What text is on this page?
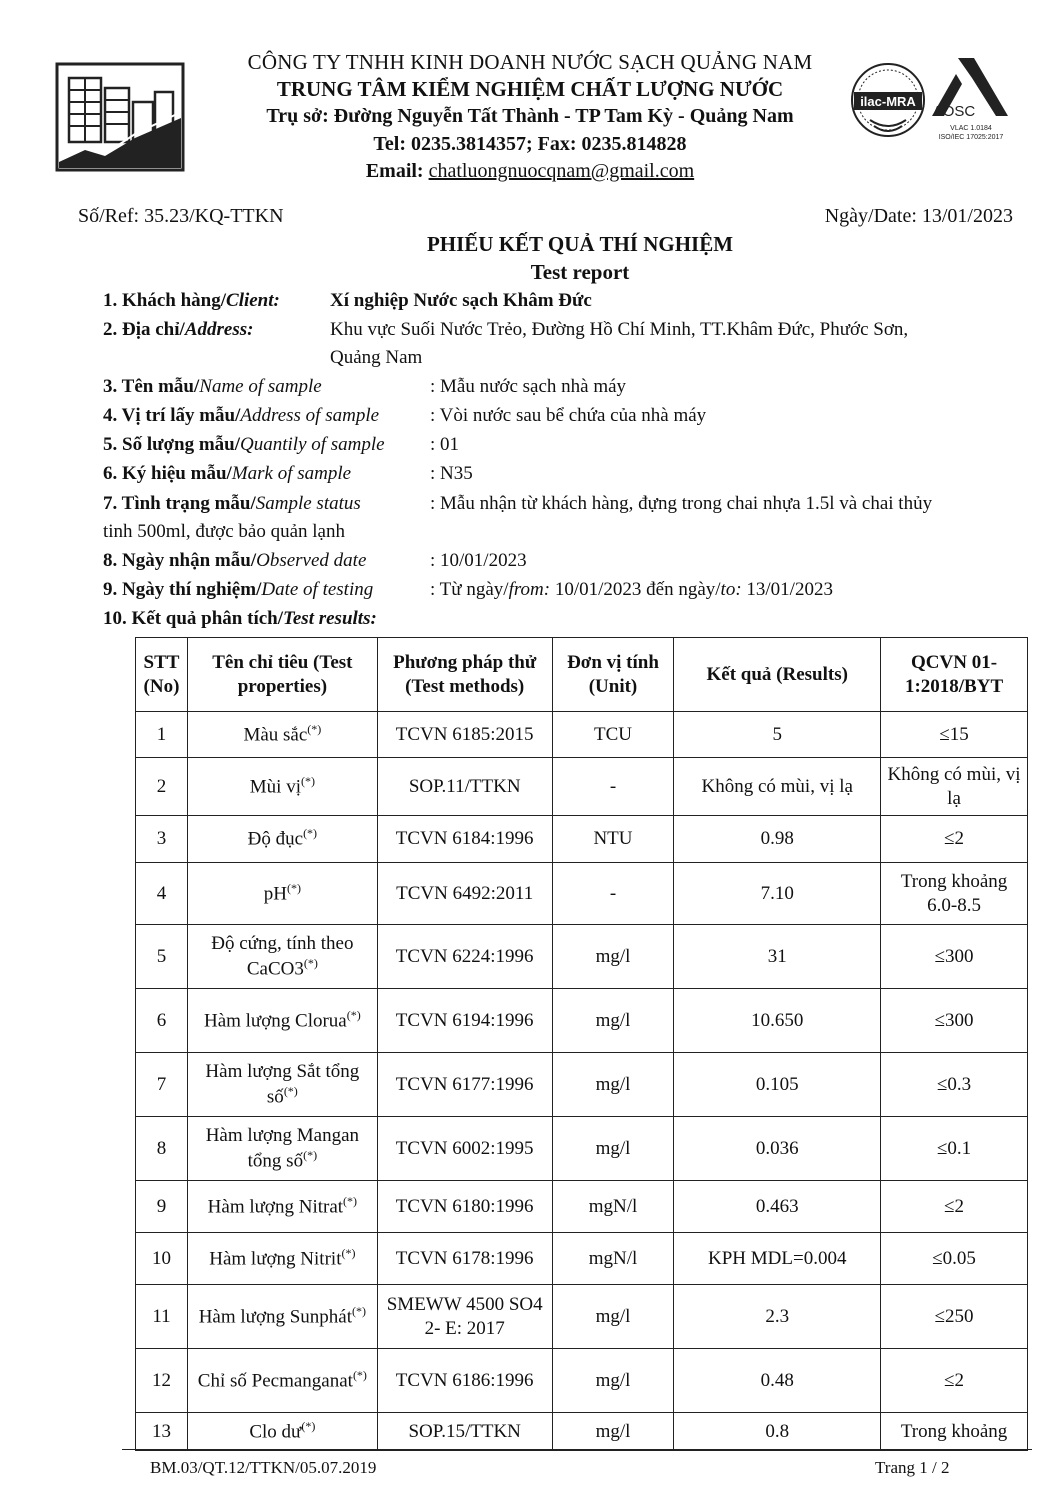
CÔNG TY TNHH KINH DOANH NƯỚC SẠCH QUẢNG NAM
TRUNG TÂM KIỂM NGHIỆM CHẤT LƯỢNG NƯỚC
Trụ sở: Đường Nguyễn Tất Thành - TP Tam Kỳ - Quảng Nam
Tel: 0235.3814357; Fax: 0235.814828
Email: chatluongnuocqnam@gmail.com
ilac-MRA
AOSC
VLAC 1.0184
ISO/IEC 17025:2017
Số/Ref: 35.23/KQ-TTKN	Ngày/Date: 13/01/2023
PHIẾU KẾT QUẢ THÍ NGHIỆM
Test report
1. Khách hàng/Client:	Xí nghiệp Nước sạch Khâm Đức
2. Địa chỉ/Address:	Khu vực Suối Nước Trẻo, Đường Hồ Chí Minh, TT.Khâm Đức, Phước Sơn,
Quảng Nam
3. Tên mẫu/Name of sample	: Mẫu nước sạch nhà máy
4. Vị trí lấy mẫu/Address of sample	: Vòi nước sau bể chứa của nhà máy
5. Số lượng mẫu/Quantily of sample : 01
6. Ký hiệu mẫu/Mark of sample	: N35
7. Tình trạng mẫu/Sample status	: Mẫu nhận từ khách hàng, đựng trong chai nhựa 1.5l và chai thủy
tinh 500ml, được bảo quản lạnh
8. Ngày nhận mẫu/Observed date	: 10/01/2023
9. Ngày thí nghiệm/Date of testing	: Từ ngày/from: 10/01/2023 đến ngày/to: 13/01/2023
10. Kết quả phân tích/Test results:
STT (No)	Tên chỉ tiêu (Test properties)	Phương pháp thử (Test methods)	Đơn vị tính (Unit)	Kết quả (Results)	QCVN 01-1:2018/BYT
1	Màu sắc(*)	TCVN 6185:2015	TCU	5	≤15
2	Mùi vị(*)	SOP.11/TTKN	-	Không có mùi, vị lạ	Không có mùi, vị lạ
3	Độ đục(*)	TCVN 6184:1996	NTU	0.98	≤2
4	pH(*)	TCVN 6492:2011	-	7.10	Trong khoảng 6.0-8.5
5	Độ cứng, tính theo CaCO3(*)	TCVN 6224:1996	mg/l	31	≤300
6	Hàm lượng Clorua(*)	TCVN 6194:1996	mg/l	10.650	≤300
7	Hàm lượng Sắt tổng số(*)	TCVN 6177:1996	mg/l	0.105	≤0.3
8	Hàm lượng Mangan tổng số(*)	TCVN 6002:1995	mg/l	0.036	≤0.1
9	Hàm lượng Nitrat(*)	TCVN 6180:1996	mgN/l	0.463	≤2
10	Hàm lượng Nitrit(*)	TCVN 6178:1996	mgN/l	KPH MDL=0.004	≤0.05
11	Hàm lượng Sunphát(*)	SMEWW 4500 SO4 2- E: 2017	mg/l	2.3	≤250
12	Chỉ số Pecmanganat(*)	TCVN 6186:1996	mg/l	0.48	≤2
13	Clo dư(*)	SOP.15/TTKN	mg/l	0.8	Trong khoảng
BM.03/QT.12/TTKN/05.07.2019	Trang 1 / 2
